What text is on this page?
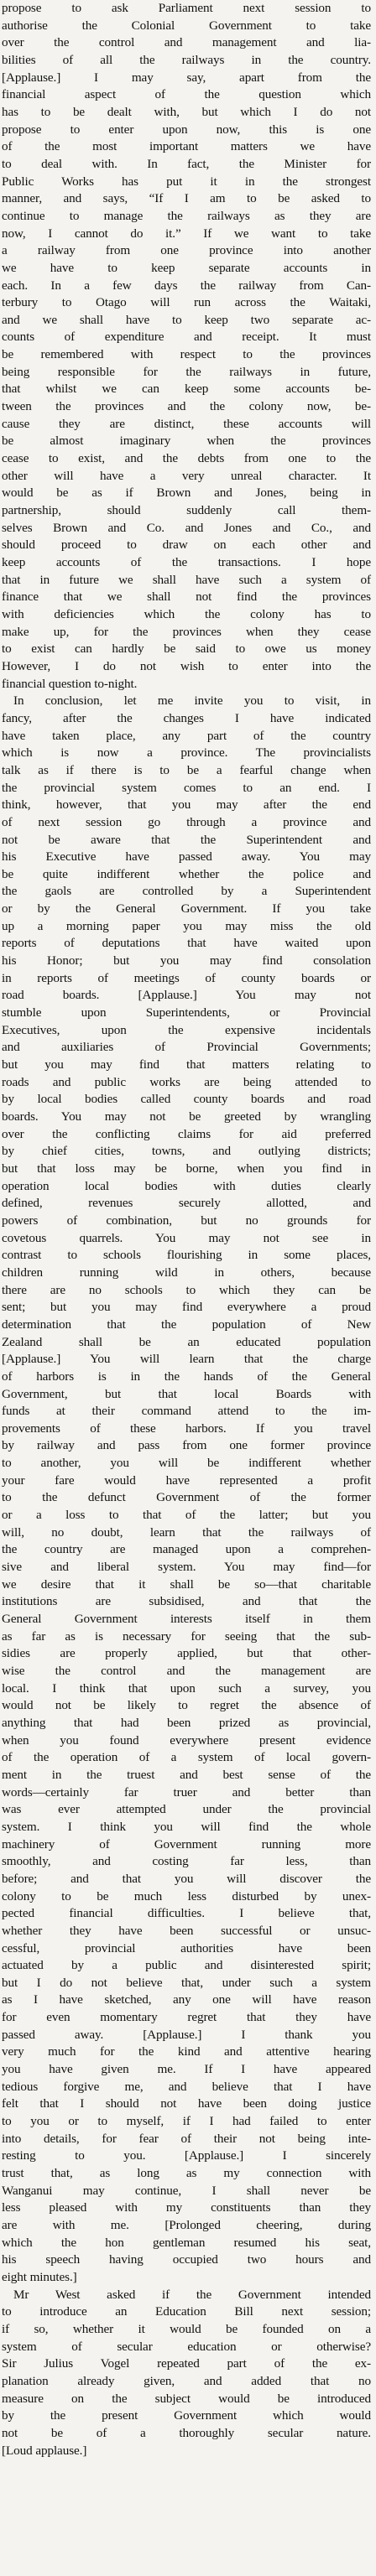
propose to ask Parliament next session to
authorise the Colonial Government to take
over the control and management and lia-
bilities of all the railways in the country.
[Applause.] I may say, apart from the
financial aspect of the question which
has to be dealt with, but which I do not
propose to enter upon now, this is one
of the most important matters we have
to deal with. In fact, the Minister for
Public Works has put it in the strongest
manner, and says, “If I am to be asked to
continue to manage the railways as they are
now, I cannot do it.” If we want to take
a railway from one province into another
we have to keep separate accounts in
each. In a few days the railway from Can-
terbury to Otago will run across the Waitaki,
and we shall have to keep two separate ac-
counts of expenditure and receipt. It must
be remembered with respect to the provinces
being responsible for the railways in future,
that whilst we can keep some accounts be-
tween the provinces and the colony now, be-
cause they are distinct, these accounts will
be almost imaginary when the provinces
cease to exist, and the debts from one to the
other will have a very unreal character. It
would be as if Brown and Jones, being in
partnership, should suddenly call them-
selves Brown and Co. and Jones and Co., and
should proceed to draw on each other and
keep accounts of the transactions. I hope
that in future we shall have such a system of
finance that we shall not find the provinces
with deficiencies which the colony has to
make up, for the provinces when they cease
to exist can hardly be said to owe us money
However, I do not wish to enter into the
financial question to-night.
In conclusion, let me invite you to visit, in
fancy, after the changes I have indicated
have taken place, any part of the country
which is now a province. The provincialists
talk as if there is to be a fearful change when
the provincial system comes to an end. I
think, however, that you may after the end
of next session go through a province and
not be aware that the Superintendent and
his Executive have passed away. You may
be quite indifferent whether the police and
the gaols are controlled by a Superintendent
or by the General Government. If you take
up a morning paper you may miss the old
reports of deputations that have waited upon
his Honor; but you may find consolation
in reports of meetings of county boards or
road boards. [Applause.] You may not
stumble upon Superintendents, or Provincial
Executives, upon the expensive incidentals
and auxiliaries of Provincial Governments;
but you may find that matters relating to
roads and public works are being attended to
by local bodies called county boards and road
boards. You may not be greeted by wrangling
over the conflicting claims for aid preferred
by chief cities, towns, and outlying districts;
but that loss may be borne, when you find in
operation local bodies with duties clearly
defined, revenues securely allotted, and
powers of combination, but no grounds for
covetous quarrels. You may not see in
contrast to schools flourishing in some places,
children running wild in others, because
there are no schools to which they can be
sent; but you may find everywhere a proud
determination that the population of New
Zealand shall be an educated population
[Applause.] You will learn that the charge
of harbors is in the hands of the General
Government, but that local Boards with
funds at their command attend to the im-
provements of these harbors. If you travel
by railway and pass from one former province
to another, you will be indifferent whether
your fare would have represented a profit
to the defunct Government of the former
or a loss to that of the latter; but you
will, no doubt, learn that the railways of
the country are managed upon a comprehen-
sive and liberal system. You may find—for
we desire that it shall be so—that charitable
institutions are subsidised, and that the
General Government interests itself in them
as far as is necessary for seeing that the sub-
sidies are properly applied, but that other-
wise the control and the management are
local. I think that upon such a survey, you
would not be likely to regret the absence of
anything that had been prized as provincial,
when you found everywhere present evidence
of the operation of a system of local govern-
ment in the truest and best sense of the
words—certainly far truer and better than
was ever attempted under the provincial
system. I think you will find the whole
machinery of Government running more
smoothly, and costing far less, than
before; and that you will discover the
colony to be much less disturbed by unex-
pected financial difficulties. I believe that,
whether they have been successful or unsuc-
cessful, provincial authorities have been
actuated by a public and disinterested spirit;
but I do not believe that, under such a system
as I have sketched, any one will have reason
for even momentary regret that they have
passed away. [Applause.] I thank you
very much for the kind and attentive hearing
you have given me. If I have appeared
tedious forgive me, and believe that I have
felt that I should not have been doing justice
to you or to myself, if I had failed to enter
into details, for fear of their not being inte-
resting to you. [Applause.] I sincerely
trust that, as long as my connection with
Wanganui may continue, I shall never be
less pleased with my constituents than they
are with me. [Prolonged cheering, during
which the hon gentleman resumed his seat,
his speech having occupied two hours and
eight minutes.]
Mr West asked if the Government intended
to introduce an Education Bill next session;
if so, whether it would be founded on a
system of secular education or otherwise?
Sir Julius Vogel repeated part of the ex-
planation already given, and added that no
measure on the subject would be introduced
by the present Government which would
not be of a thoroughly secular nature.
[Loud applause.]
